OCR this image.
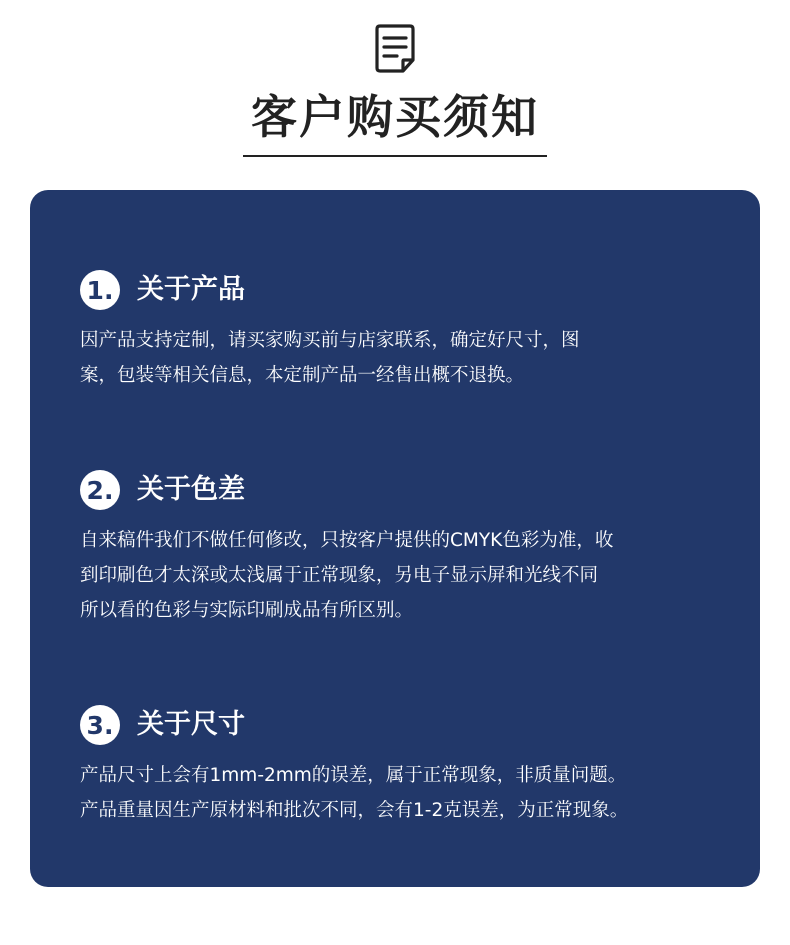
客户购买须知
1. 关于产品
因产品支持定制，请买家购买前与店家联系，确定好尺寸，图
案，包装等相关信息，本定制产品一经售出概不退换。
2. 关于色差
自来稿件我们不做任何修改，只按客户提供的CMYK色彩为准，收
到印刷色才太深或太浅属于正常现象，另电子显示屏和光线不同
所以看的色彩与实际印刷成品有所区别。
3. 关于尺寸
产品尺寸上会有1mm-2mm的误差，属于正常现象，非质量问题。
产品重量因生产原材料和批次不同，会有1-2克误差，为正常现象。
